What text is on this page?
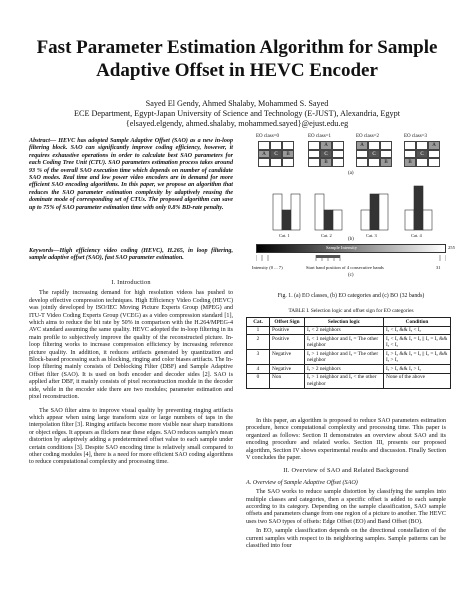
Fast Parameter Estimation Algorithm for Sample
Adaptive Offset in HEVC Encoder
Sayed El Gendy, Ahmed Shalaby, Mohammed S. Sayed
ECE Department, Egypt-Japan University of Science and Technology (E-JUST), Alexandria, Egypt
{elsayed.elgendy, ahmed.shalaby, mohammed.sayed}@ejust.edu.eg
Abstract— HEVC has adopted Sample Adaptive Offset (SAO) as a new in-loop filtering block. SAO can significantly improve coding efficiency, however, it requires exhaustive operations in order to calculate best SAO parameters for each Coding Tree Unit (CTU). SAO parameters estimation process takes around 93 % of the overall SAO execution time which depends on number of candidate SAO modes. Real time and low power video encoders are in demand for more efficient SAO encoding algorithms. In this paper, we propose an algorithm that reduces the SAO parameter estimation complexity by adaptively reusing the dominate mode of corresponding set of CTUs. The proposed algorithm can save up to 75% of SAO parameter estimation time with only 0.8% BD-rate penalty.
Keywords—High efficiency video coding (HEVC), H.265, in loop filtering, sample adaptive offset (SAO), fast SAO parameter estimation.
I. Introduction

The rapidly increasing demand for high resolution videos has pushed to develop effective compression techniques. High Efficiency Video Coding (HEVC) was jointly developed by ISO/IEC Moving Picture Experts Group (MPEG) and ITU-T Video Coding Experts Group (VCEG) as a video compression standard [1], which aims to reduce the bit rate by 50% in comparison with the H.264/MPEG-4 AVC standard assuming the same quality. HEVC adopted the in-loop filtering in its main profile to subjectively improve the quality of the reconstructed picture. In-loop filtering works to increase compression efficiency by increasing reference picture quality. In addition, it reduces artifacts generated by quantization and Block-based processing such as blocking, ringing and color biases artifacts. The In-loop filtering mainly consists of Deblocking Filter (DBF) and Sample Adaptive Offset filter (SAO). It is used on both encoder and decoder sides [2]. SAO is applied after DBF, it mainly consists of pixel reconstruction module in the decoder side, while in the encoder side there are two modules; parameter estimation and pixel reconstruction.

The SAO filter aims to improve visual quality by preventing ringing artifacts which appear when using large transform size or large numbers of taps in the interpolation filter [3]. Ringing artifacts become more visible near sharp transitions or object edges. It appears as flickers near these edges. SAO reduces sample's mean distortion by adaptively adding a predetermined offset value to each sample under certain conditions [3]. Despite SAO encoding time is relatively small compared to other coding modules [4], there is a need for more efficient SAO coding algorithms to reduce computational complexity and processing time.

EO class=0	EO class=1	EO class=2	EO class=3
A	C	B
A
C
B
A
C
B
A
C
B
(a)
Cat. 1	Cat. 2	Cat. 3	Cat. 4
(b)
Sample Intensity	255
Intensity (0 ... 7)	Start band position of 4 consecutive bands	31
(c)
Fig. 1. (a) EO classes, (b) EO categories and (c) BO (32 bands)
TABLE I. Selection logic and offset sign for EO categories
Cat.	Offset Sign	Selection logic	Condition
1	Positive	Iₐ < 2 neighbors	Iₐ < Iₐ && Iₐ < Iₐ
2	Positive	Iₐ < 1 neighbor and Iₐ = The other neighbor	Iₐ < Iₐ && Iₐ = Iₐ || Iₐ = Iₐ && Iₐ < Iₐ
3	Negative	Iₐ > 1 neighbor and Iₐ = The other neighbor	Iₐ > Iₐ && Iₐ = Iₐ || Iₐ = Iₐ && Iₐ > Iₐ
4	Negative	Iₐ > 2 neighbors	Iₐ > Iₐ && Iₐ > Iₐ
0	Non	Iₐ > 1 neighbor and Iₐ < the other neighbor	None of the above

In this paper, an algorithm is proposed to reduce SAO parameters estimation procedure, hence computational complexity and processing time. This paper is organized as follows: Section II demonstrates an overview about SAO and its encoding procedure and related works. Section III, presents our proposed algorithm, Section IV shows experimental results and discussion. Finally Section V concludes the paper.

II. Overview of SAO and Related Background
A. Overview of Sample Adaptive Offset (SAO)

The SAO works to reduce sample distortion by classifying the samples into multiple classes and categories, then a specific offset is added to each sample according to its category. Depending on the sample classification, SAO sample offsets and parameters change from one region of a picture to another. The HEVC uses two SAO types of offsets: Edge Offset (EO) and Band Offset (BO).

In EO, sample classification depends on the directional constellation of the current samples with respect to its neighboring samples. Sample patterns can be classified into four
